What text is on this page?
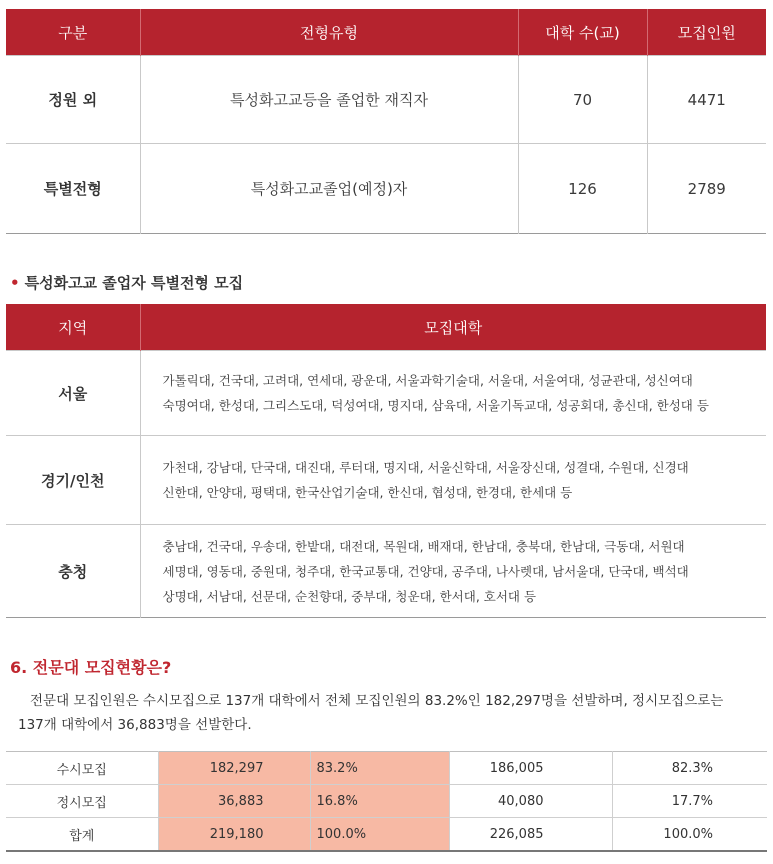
구분	전형유형	대학 수(교)	모집인원
정원 외	특성화고교등을 졸업한 재직자	70	4471
특별전형	특성화고교졸업(예정)자	126	2789
• 특성화고교 졸업자 특별전형 모집
지역	모집대학
서울	가톨릭대, 건국대, 고려대, 연세대, 광운대, 서울과학기술대, 서울대, 서울여대, 성균관대, 성신여대
숙명여대, 한성대, 그리스도대, 덕성여대, 명지대, 삼육대, 서울기독교대, 성공회대, 총신대, 한성대 등

경기/인천	가천대, 강남대, 단국대, 대진대, 루터대, 명지대, 서울신학대, 서울장신대, 성결대, 수원대, 신경대
신한대, 안양대, 평택대, 한국산업기술대, 한신대, 협성대, 한경대, 한세대 등

충청	충남대, 건국대, 우송대, 한밭대, 대전대, 목원대, 배재대, 한남대, 충북대, 한남대, 극동대, 서원대
세명대, 영동대, 중원대, 청주대, 한국교통대, 건양대, 공주대, 나사렛대, 남서울대, 단국대, 백석대
상명대, 서남대, 선문대, 순천향대, 중부대, 청운대, 한서대, 호서대 등
6. 전문대 모집현황은?
전문대 모집인원은 수시모집으로 137개 대학에서 전체 모집인원의 83.2%인 182,297명을 선발하며, 정시모집으로는
137개 대학에서 36,883명을 선발한다.
수시모집	182,297	83.2%	186,005	82.3%
정시모집	36,883	16.8%	40,080	17.7%
합계	219,180	100.0%	226,085	100.0%
